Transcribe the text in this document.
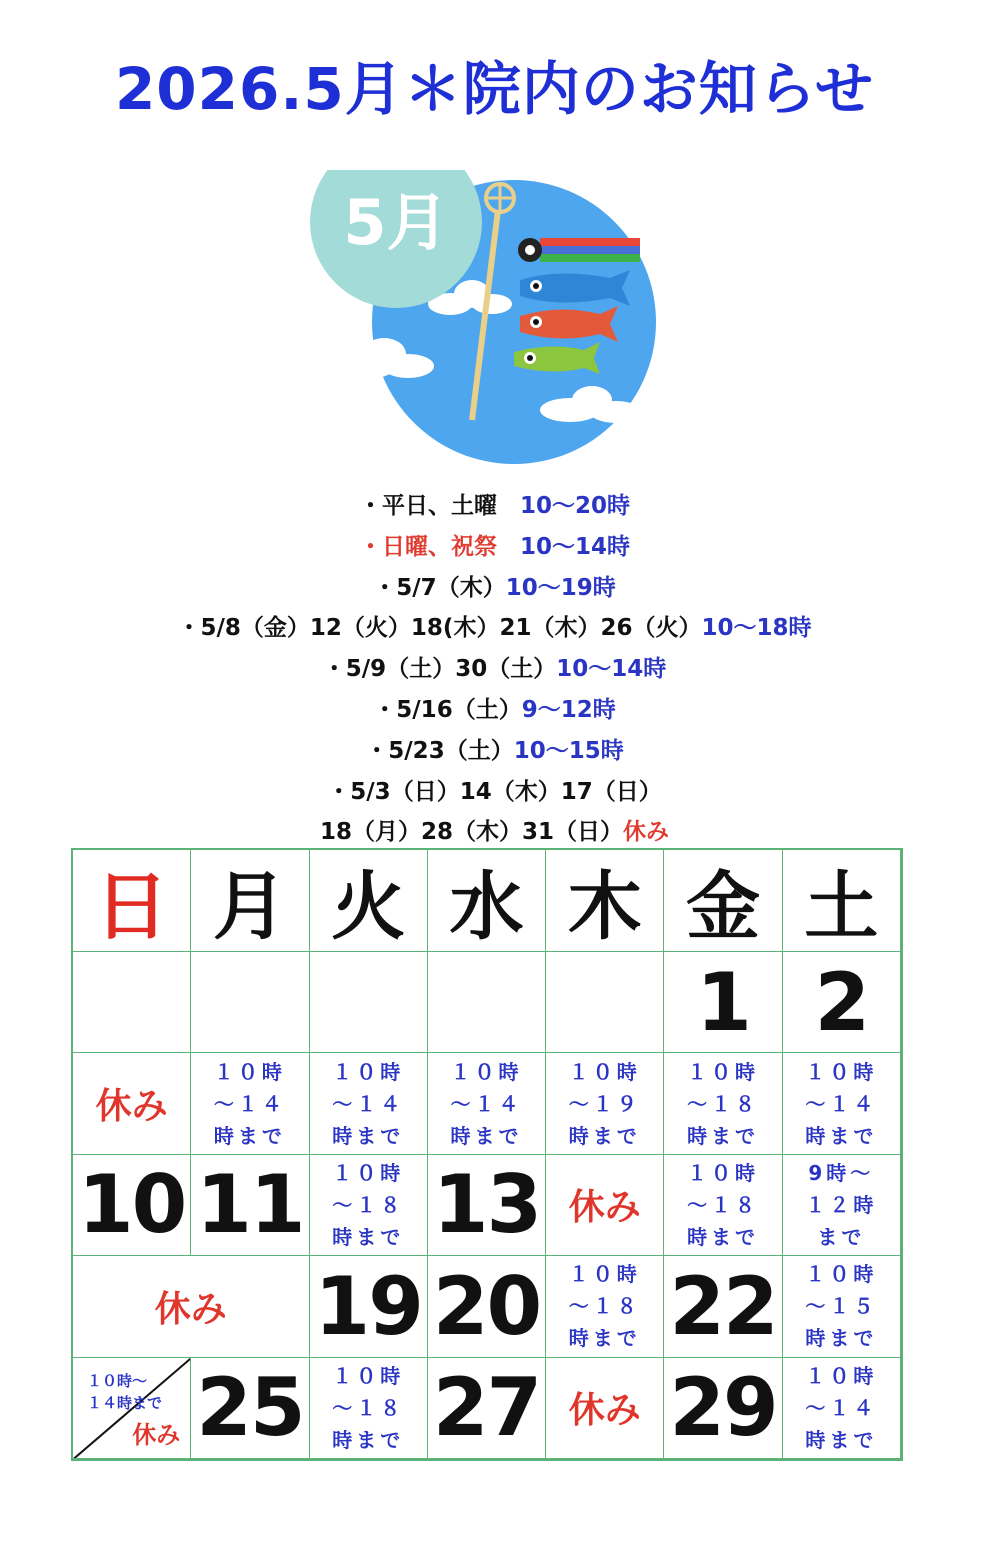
2026.5月＊院内のお知らせ
5月
・平日、土曜　10～20時
・日曜、祝祭　10～14時
・5/7（木）10～19時
・5/8（金）12（火）18(木）21（木）26（火）10～18時
・5/9（土）30（土）10～14時
・5/16（土）9～12時
・5/23（土）10～15時
・5/3（日）14（木）17（日）
18（月）28（木）31（日）休み
日 月 火 水 木 金 土
1 2
休み
１０時
～１４
時まで
１０時
～１４
時まで
１０時
～１４
時まで
１０時
～１９
時まで
１０時
～１８
時まで
１０時
～１４
時まで
10 11 １０時
～１８
時まで 13 休み
１０時
～１８
時まで
9時～
１２時
まで
休み 19 20 １０時
～１８
時まで 22 １０時
～１５
時まで
１０時～
１４時まで
休み 25 １０時
～１８
時まで 27 休み 29 １０時
～１４
時まで
